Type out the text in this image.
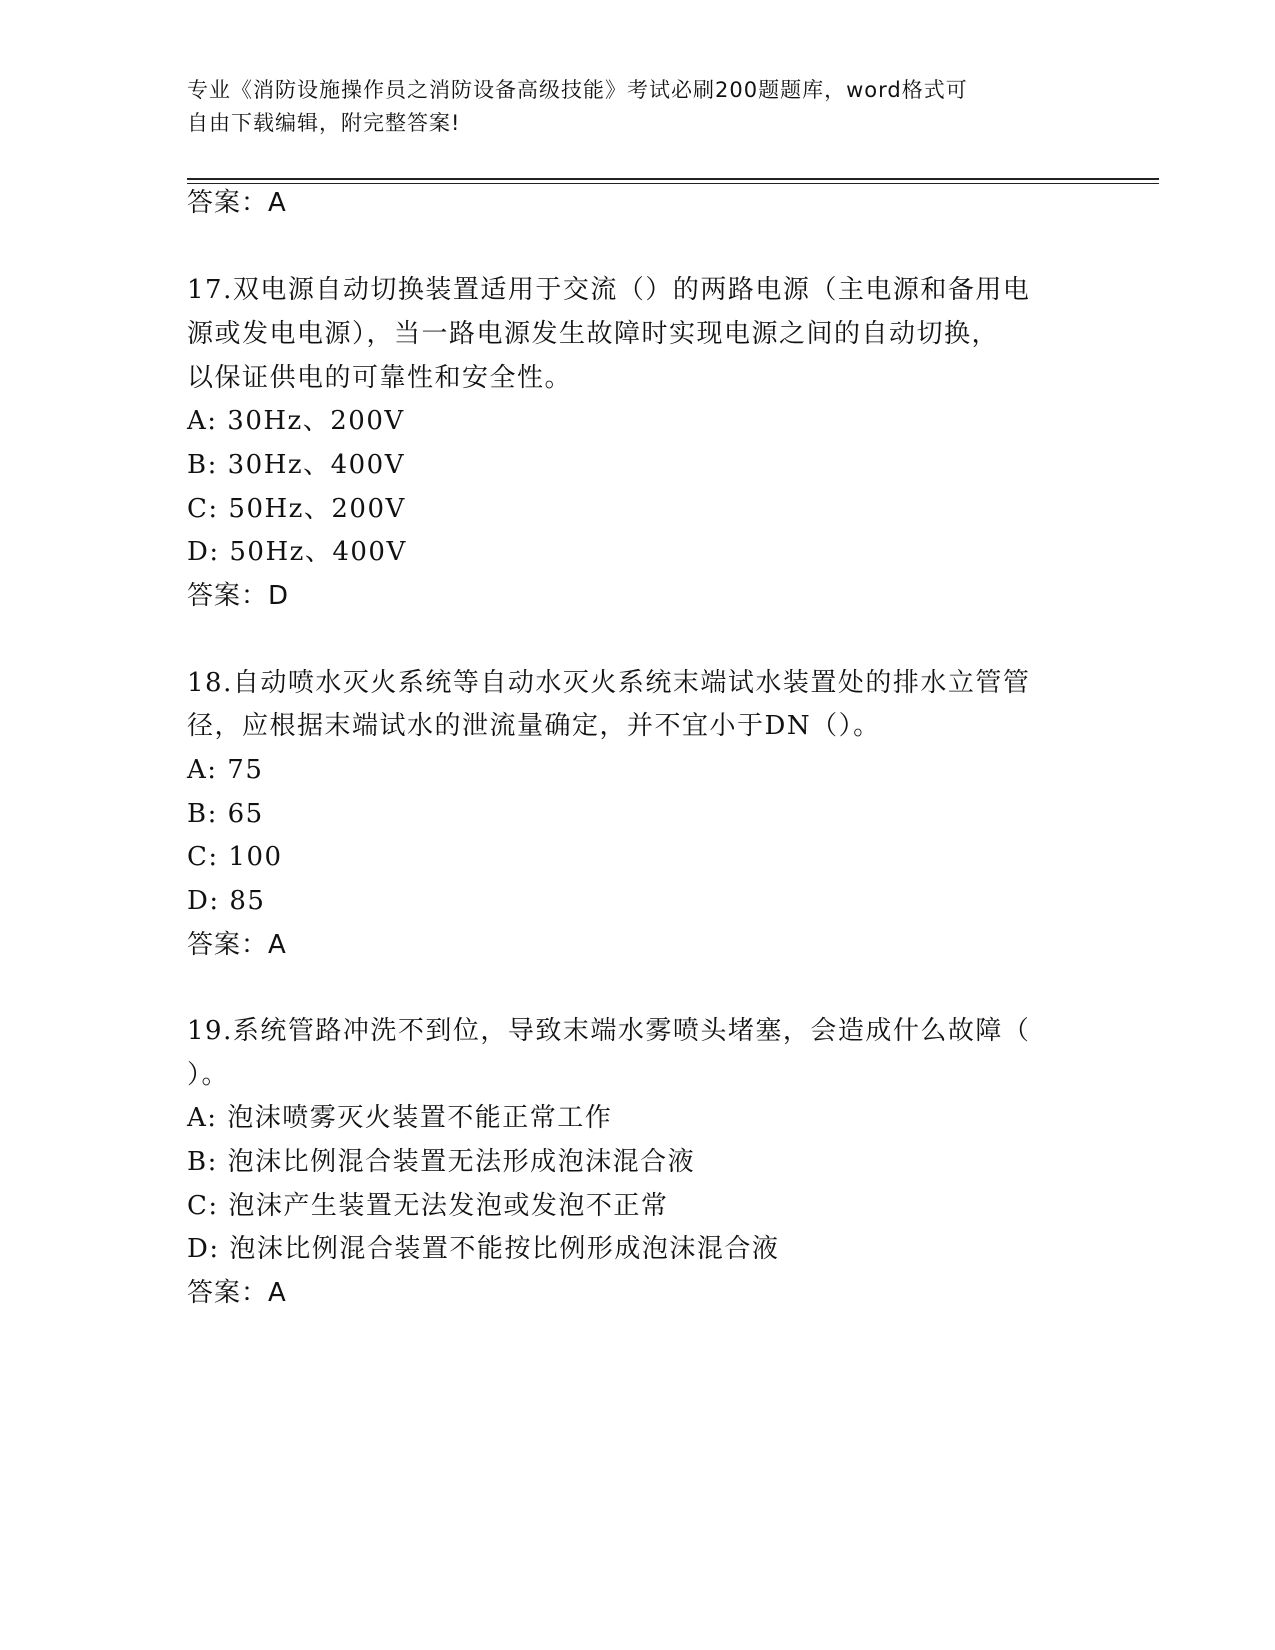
专业《消防设施操作员之消防设备高级技能》考试必刷200题题库，word格式可
自由下载编辑，附完整答案!
答案：A
17.双电源自动切换装置适用于交流（）的两路电源（主电源和备用电
源或发电电源），当一路电源发生故障时实现电源之间的自动切换，
以保证供电的可靠性和安全性。
A: 30Hz、200V
B: 30Hz、400V
C: 50Hz、200V
D: 50Hz、400V
答案：D
18.自动喷水灭火系统等自动水灭火系统末端试水装置处的排水立管管
径，应根据末端试水的泄流量确定，并不宜小于DN（）。
A: 75
B: 65
C: 100
D: 85
答案：A
19.系统管路冲洗不到位，导致末端水雾喷头堵塞，会造成什么故障（
）。
A: 泡沫喷雾灭火装置不能正常工作
B: 泡沫比例混合装置无法形成泡沫混合液
C: 泡沫产生装置无法发泡或发泡不正常
D: 泡沫比例混合装置不能按比例形成泡沫混合液
答案：A
